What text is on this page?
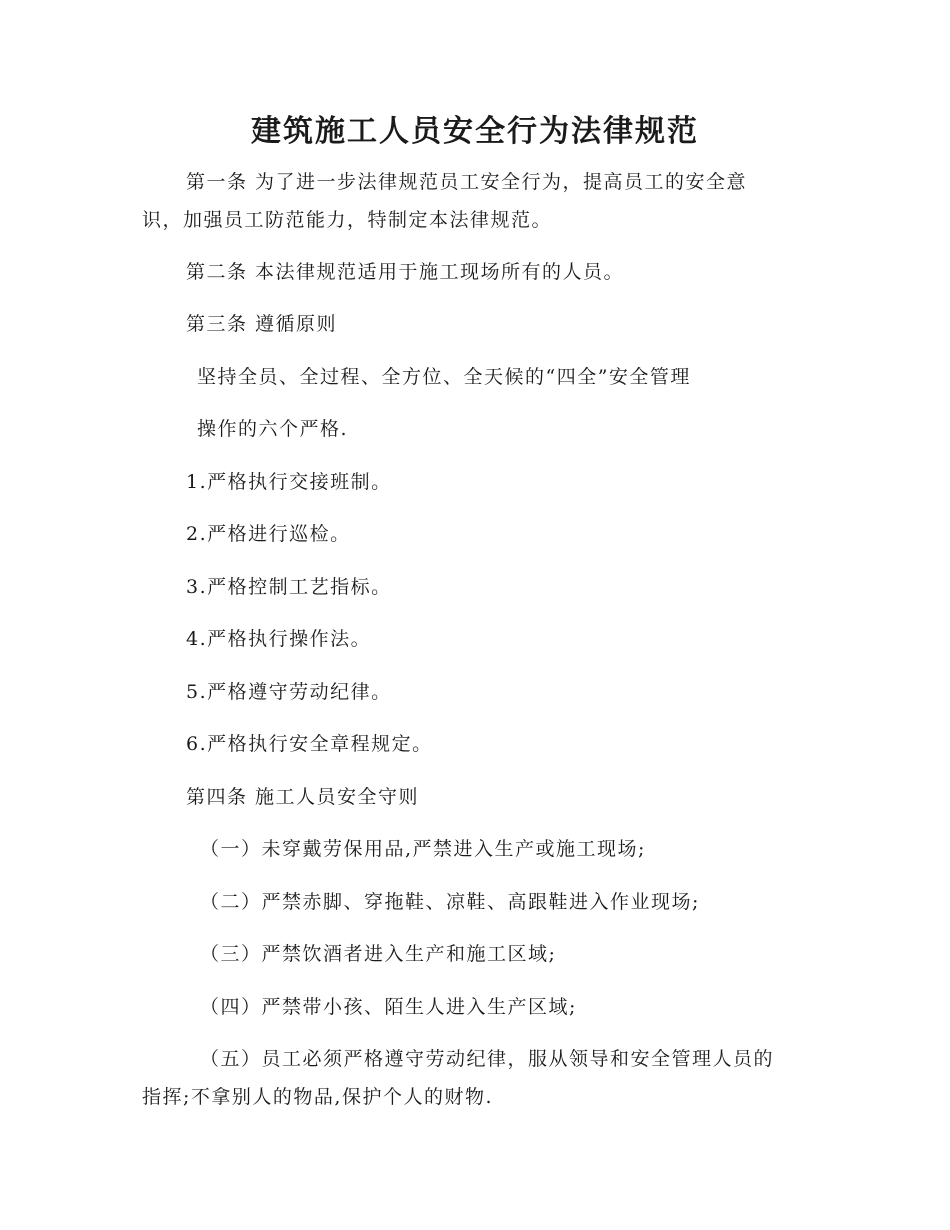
建筑施工人员安全行为法律规范
第一条 为了进一步法律规范员工安全行为，提高员工的安全意
识，加强员工防范能力，特制定本法律规范。
第二条 本法律规范适用于施工现场所有的人员。
第三条 遵循原则
坚持全员、全过程、全方位、全天候的“四全”安全管理
操作的六个严格.
1.严格执行交接班制。
2.严格进行巡检。
3.严格控制工艺指标。
4.严格执行操作法。
5.严格遵守劳动纪律。
6.严格执行安全章程规定。
第四条 施工人员安全守则
（一）未穿戴劳保用品,严禁进入生产或施工现场;
（二）严禁赤脚、穿拖鞋、凉鞋、高跟鞋进入作业现场;
（三）严禁饮酒者进入生产和施工区域;
（四）严禁带小孩、陌生人进入生产区域;
（五）员工必须严格遵守劳动纪律，服从领导和安全管理人员的
指挥;不拿别人的物品,保护个人的财物.
